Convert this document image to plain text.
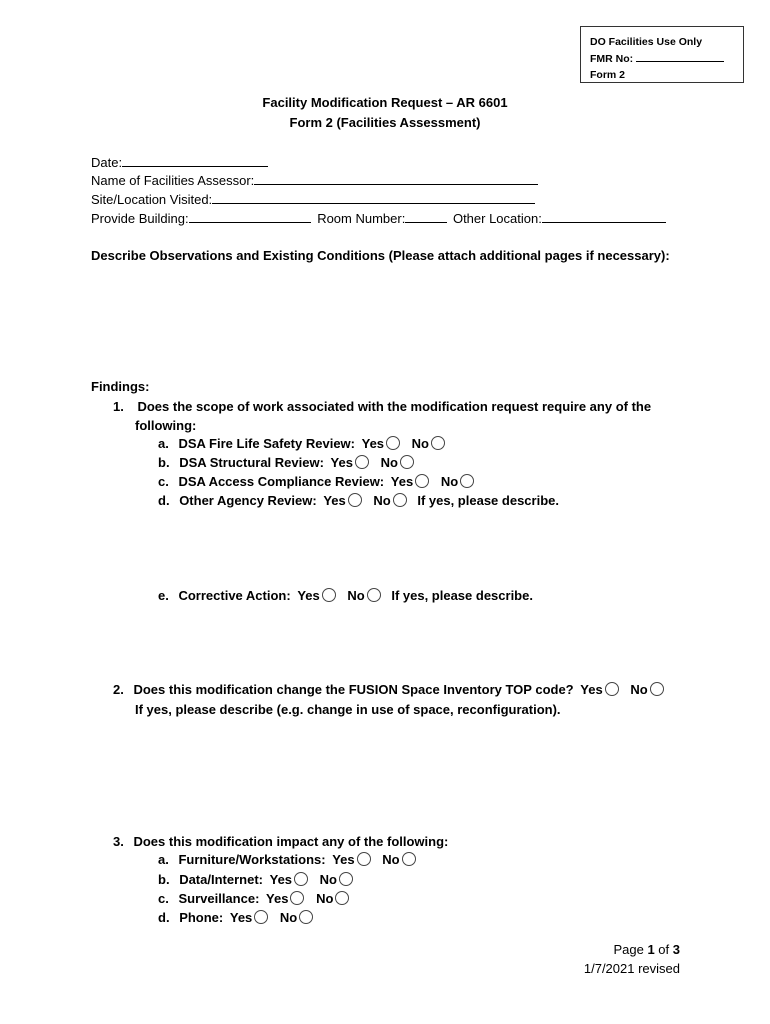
DO Facilities Use Only
FMR No:
Form 2
Facility Modification Request – AR 6601
Form 2 (Facilities Assessment)
Date:
Name of Facilities Assessor:
Site/Location Visited:
Provide Building:	Room Number:	Other Location:
Describe Observations and Existing Conditions (Please attach additional pages if necessary):
Findings:
1. Does the scope of work associated with the modification request require any of the
following:
a. DSA Fire Life Safety Review: Yes No
b. DSA Structural Review: Yes No
c. DSA Access Compliance Review: Yes No
d. Other Agency Review: Yes No If yes, please describe.
e. Corrective Action: Yes No If yes, please describe.
2. Does this modification change the FUSION Space Inventory TOP code? Yes No
If yes, please describe (e.g. change in use of space, reconfiguration).
3. Does this modification impact any of the following:
a. Furniture/Workstations: Yes No
b. Data/Internet: Yes No
c. Surveillance: Yes No
d. Phone: Yes No
Page 1 of 3
1/7/2021 revised
